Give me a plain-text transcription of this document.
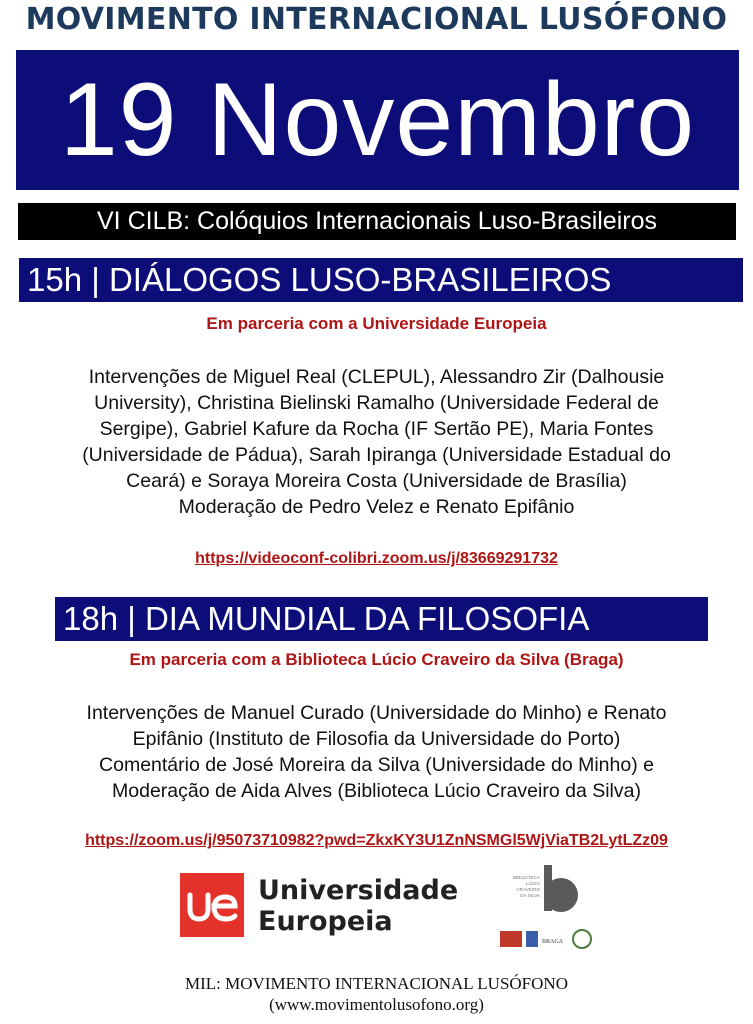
MOVIMENTO INTERNACIONAL LUSÓFONO
19 Novembro
VI CILB: Colóquios Internacionais Luso-Brasileiros
15h | DIÁLOGOS LUSO-BRASILEIROS
Em parceria com a Universidade Europeia
Intervenções de Miguel Real (CLEPUL), Alessandro Zir (Dalhousie
University), Christina Bielinski Ramalho (Universidade Federal de
Sergipe), Gabriel Kafure da Rocha (IF Sertão PE), Maria Fontes
(Universidade de Pádua), Sarah Ipiranga (Universidade Estadual do
Ceará) e Soraya Moreira Costa (Universidade de Brasília)
Moderação de Pedro Velez e Renato Epifânio
https://videoconf-colibri.zoom.us/j/83669291732
18h | DIA MUNDIAL DA FILOSOFIA
Em parceria com a Biblioteca Lúcio Craveiro da Silva (Braga)
Intervenções de Manuel Curado (Universidade do Minho) e Renato
Epifânio (Instituto de Filosofia da Universidade do Porto)
Comentário de José Moreira da Silva (Universidade do Minho) e
Moderação de Aida Alves (Biblioteca Lúcio Craveiro da Silva)
https://zoom.us/j/95073710982?pwd=ZkxKY3U1ZnNSMGl5WjViaTB2LytLZz09
Universidade
Europeia
BIBLIOTECA
LÚCIO
CRAVEIRO
DA SILVA
BRAGA
MIL: MOVIMENTO INTERNACIONAL LUSÓFONO
(www.movimentolusofono.org)
